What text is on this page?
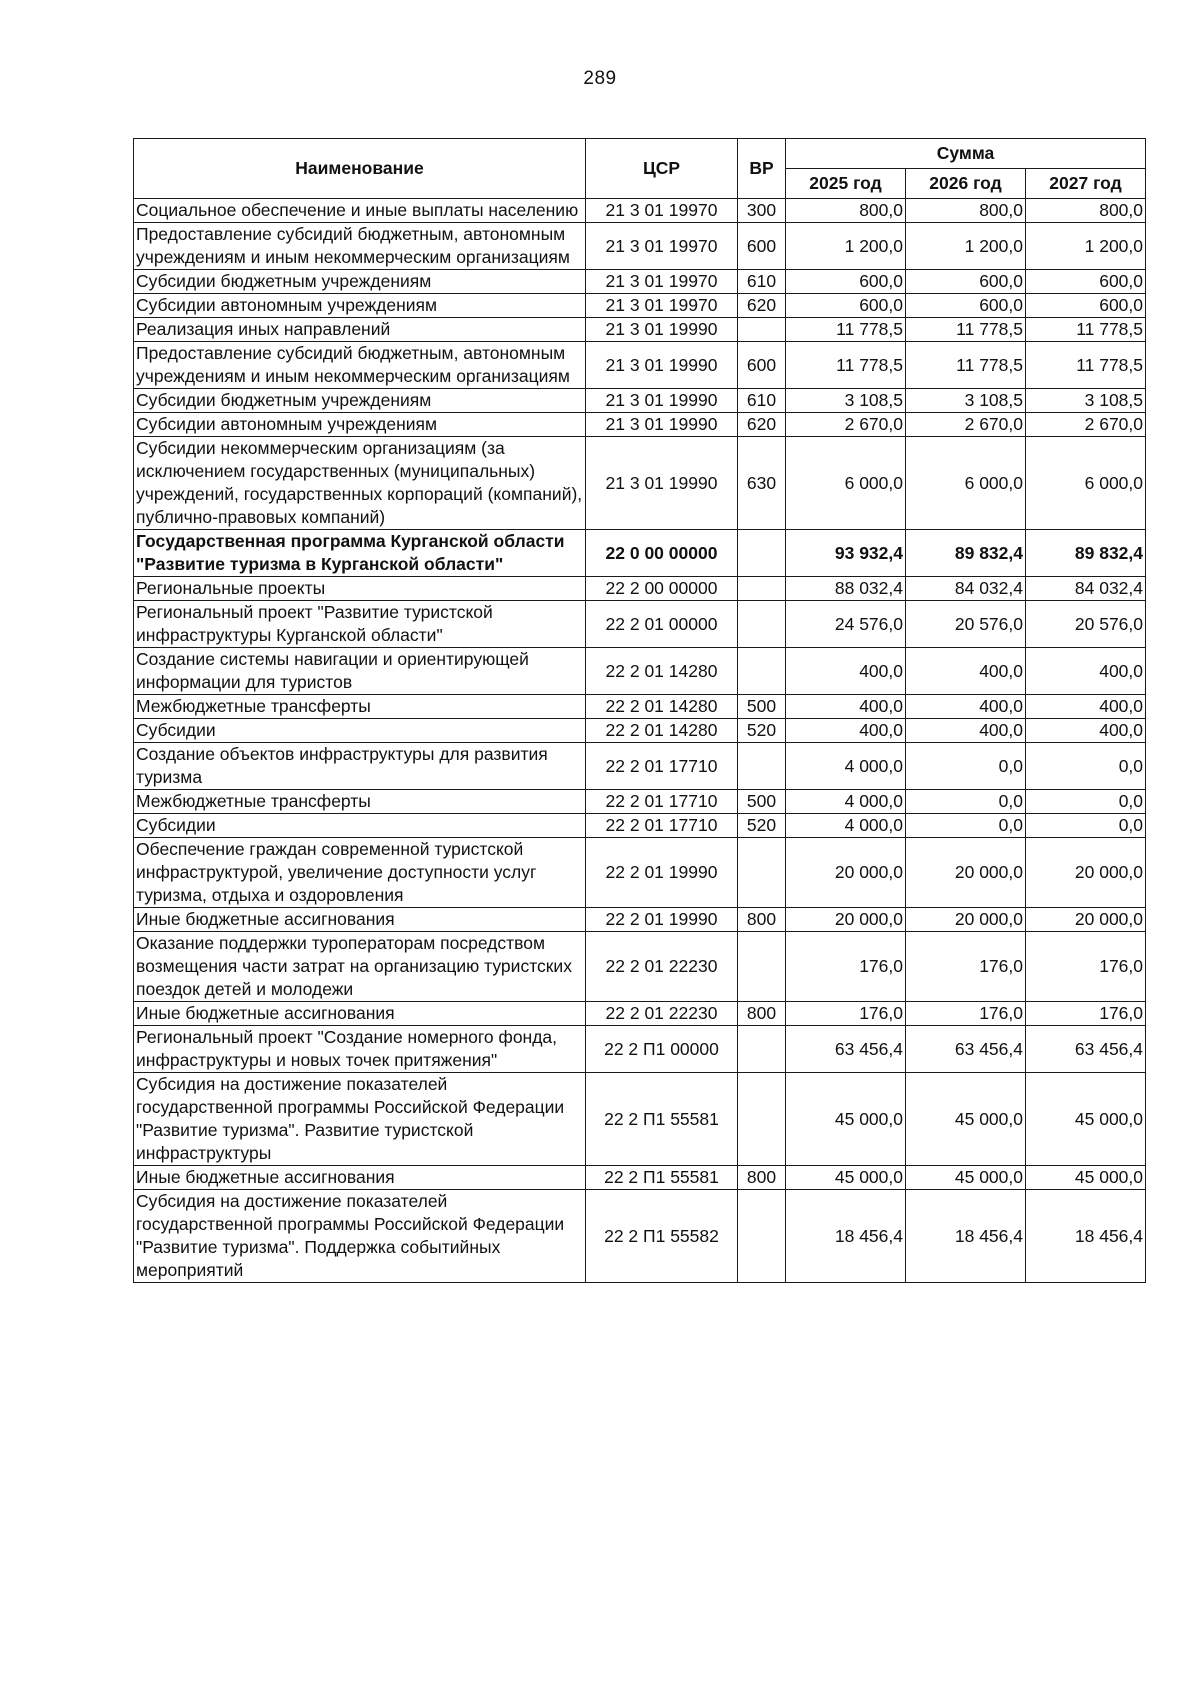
289
Наименование	ЦСР	ВР	Сумма		
			2025 год	2026 год	2027 год
Социальное обеспечение и иные выплаты населению	21 3 01 19970	300	800,0	800,0	800,0
Предоставление субсидий бюджетным, автономным учреждениям и иным некоммерческим организациям	21 3 01 19970	600	1 200,0	1 200,0	1 200,0
Субсидии бюджетным учреждениям	21 3 01 19970	610	600,0	600,0	600,0
Субсидии автономным учреждениям	21 3 01 19970	620	600,0	600,0	600,0
Реализация иных направлений	21 3 01 19990		11 778,5	11 778,5	11 778,5
Предоставление субсидий бюджетным, автономным учреждениям и иным некоммерческим организациям	21 3 01 19990	600	11 778,5	11 778,5	11 778,5
Субсидии бюджетным учреждениям	21 3 01 19990	610	3 108,5	3 108,5	3 108,5
Субсидии автономным учреждениям	21 3 01 19990	620	2 670,0	2 670,0	2 670,0
Субсидии некоммерческим организациям (за исключением государственных (муниципальных) учреждений, государственных корпораций (компаний), публично-правовых компаний)	21 3 01 19990	630	6 000,0	6 000,0	6 000,0
Государственная программа Курганской области "Развитие туризма в Курганской области"	22 0 00 00000		93 932,4	89 832,4	89 832,4
Региональные проекты	22 2 00 00000		88 032,4	84 032,4	84 032,4
Региональный проект "Развитие туристской инфраструктуры Курганской области"	22 2 01 00000		24 576,0	20 576,0	20 576,0
Создание системы навигации и ориентирующей информации для туристов	22 2 01 14280		400,0	400,0	400,0
Межбюджетные трансферты	22 2 01 14280	500	400,0	400,0	400,0
Субсидии	22 2 01 14280	520	400,0	400,0	400,0
Создание объектов инфраструктуры для развития туризма	22 2 01 17710		4 000,0	0,0	0,0
Межбюджетные трансферты	22 2 01 17710	500	4 000,0	0,0	0,0
Субсидии	22 2 01 17710	520	4 000,0	0,0	0,0
Обеспечение граждан современной туристской инфраструктурой, увеличение доступности услуг туризма, отдыха и оздоровления	22 2 01 19990		20 000,0	20 000,0	20 000,0
Иные бюджетные ассигнования	22 2 01 19990	800	20 000,0	20 000,0	20 000,0
Оказание поддержки туроператорам посредством возмещения части затрат на организацию туристских поездок детей и молодежи	22 2 01 22230		176,0	176,0	176,0
Иные бюджетные ассигнования	22 2 01 22230	800	176,0	176,0	176,0
Региональный проект "Создание номерного фонда, инфраструктуры и новых точек притяжения"	22 2 П1 00000		63 456,4	63 456,4	63 456,4
Субсидия на достижение показателей государственной программы Российской Федерации "Развитие туризма". Развитие туристской инфраструктуры	22 2 П1 55581		45 000,0	45 000,0	45 000,0
Иные бюджетные ассигнования	22 2 П1 55581	800	45 000,0	45 000,0	45 000,0
Субсидия на достижение показателей государственной программы Российской Федерации "Развитие туризма". Поддержка событийных мероприятий	22 2 П1 55582		18 456,4	18 456,4	18 456,4
